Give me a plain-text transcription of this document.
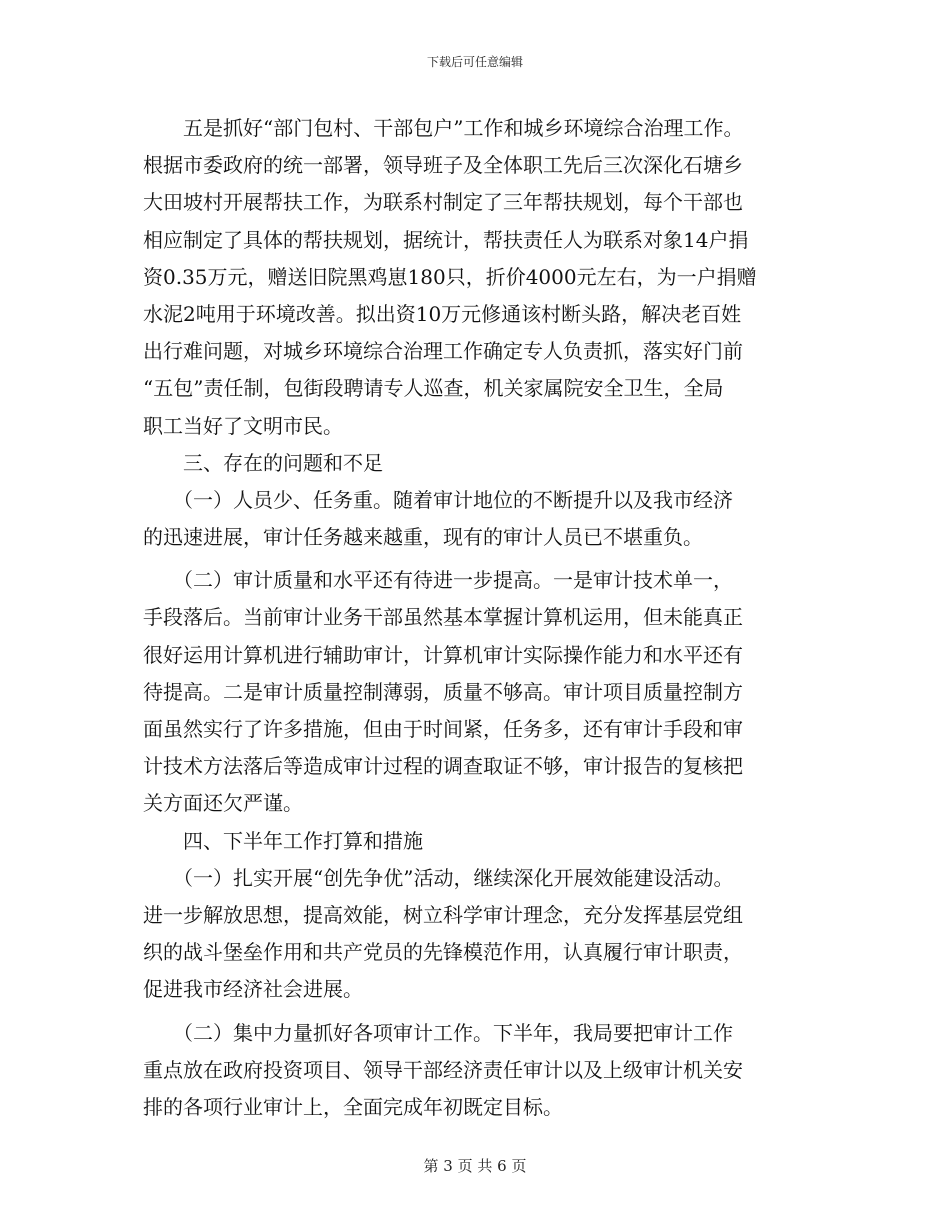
下载后可任意编辑
　　五是抓好“部门包村、干部包户”工作和城乡环境综合治理工作。
根据市委政府的统一部署，领导班子及全体职工先后三次深化石塘乡
大田坡村开展帮扶工作，为联系村制定了三年帮扶规划，每个干部也
相应制定了具体的帮扶规划，据统计，帮扶责任人为联系对象14户捐
资0.35万元，赠送旧院黑鸡崽180只，折价4000元左右，为一户捐赠
水泥2吨用于环境改善。拟出资10万元修通该村断头路，解决老百姓
出行难问题，对城乡环境综合治理工作确定专人负责抓，落实好门前
“五包”责任制，包街段聘请专人巡查，机关家属院安全卫生，全局
职工当好了文明市民。
　　三、存在的问题和不足
　　（一）人员少、任务重。随着审计地位的不断提升以及我市经济
的迅速进展，审计任务越来越重，现有的审计人员已不堪重负。
　　（二）审计质量和水平还有待进一步提高。一是审计技术单一，
手段落后。当前审计业务干部虽然基本掌握计算机运用，但未能真正
很好运用计算机进行辅助审计，计算机审计实际操作能力和水平还有
待提高。二是审计质量控制薄弱，质量不够高。审计项目质量控制方
面虽然实行了许多措施，但由于时间紧，任务多，还有审计手段和审
计技术方法落后等造成审计过程的调查取证不够，审计报告的复核把
关方面还欠严谨。
　　四、下半年工作打算和措施
　　（一）扎实开展“创先争优”活动，继续深化开展效能建设活动。
进一步解放思想，提高效能，树立科学审计理念，充分发挥基层党组
织的战斗堡垒作用和共产党员的先锋模范作用，认真履行审计职责，
促进我市经济社会进展。
　　（二）集中力量抓好各项审计工作。下半年，我局要把审计工作
重点放在政府投资项目、领导干部经济责任审计以及上级审计机关安
排的各项行业审计上，全面完成年初既定目标。
第 3 页 共 6 页
